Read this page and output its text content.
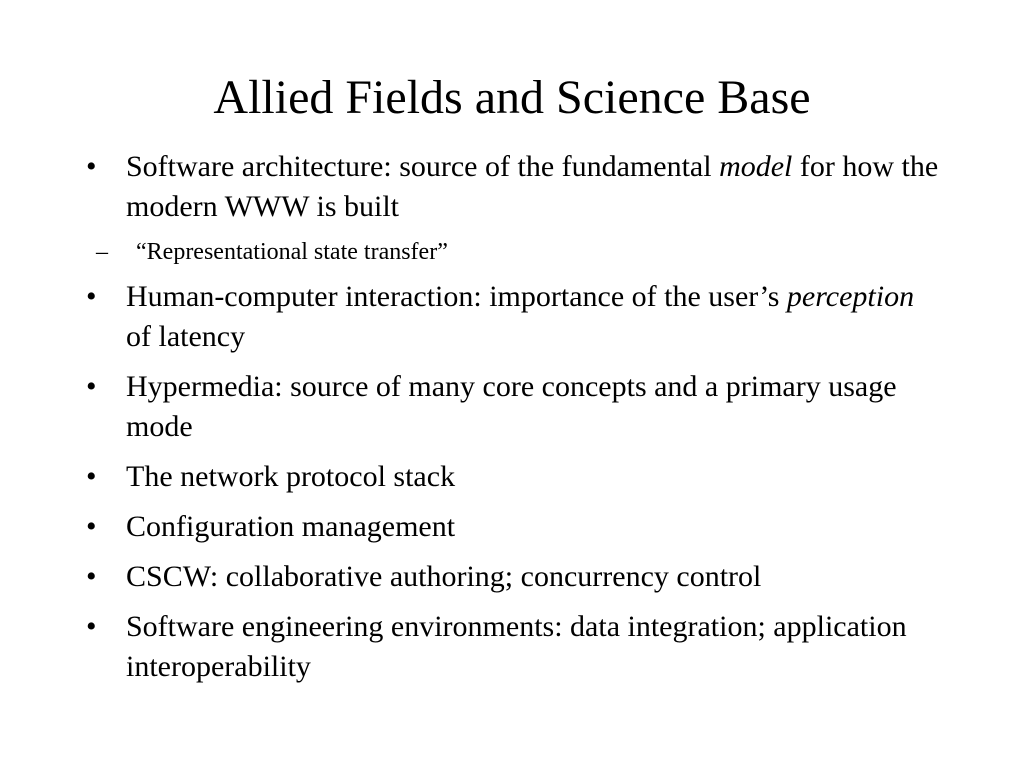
Allied Fields and Science Base
• Software architecture: source of the fundamental model for how the modern WWW is built
– “Representational state transfer”
• Human-computer interaction: importance of the user’s perception of latency
• Hypermedia: source of many core concepts and a primary usage mode
• The network protocol stack
• Configuration management
• CSCW: collaborative authoring; concurrency control
• Software engineering environments: data integration; application interoperability
